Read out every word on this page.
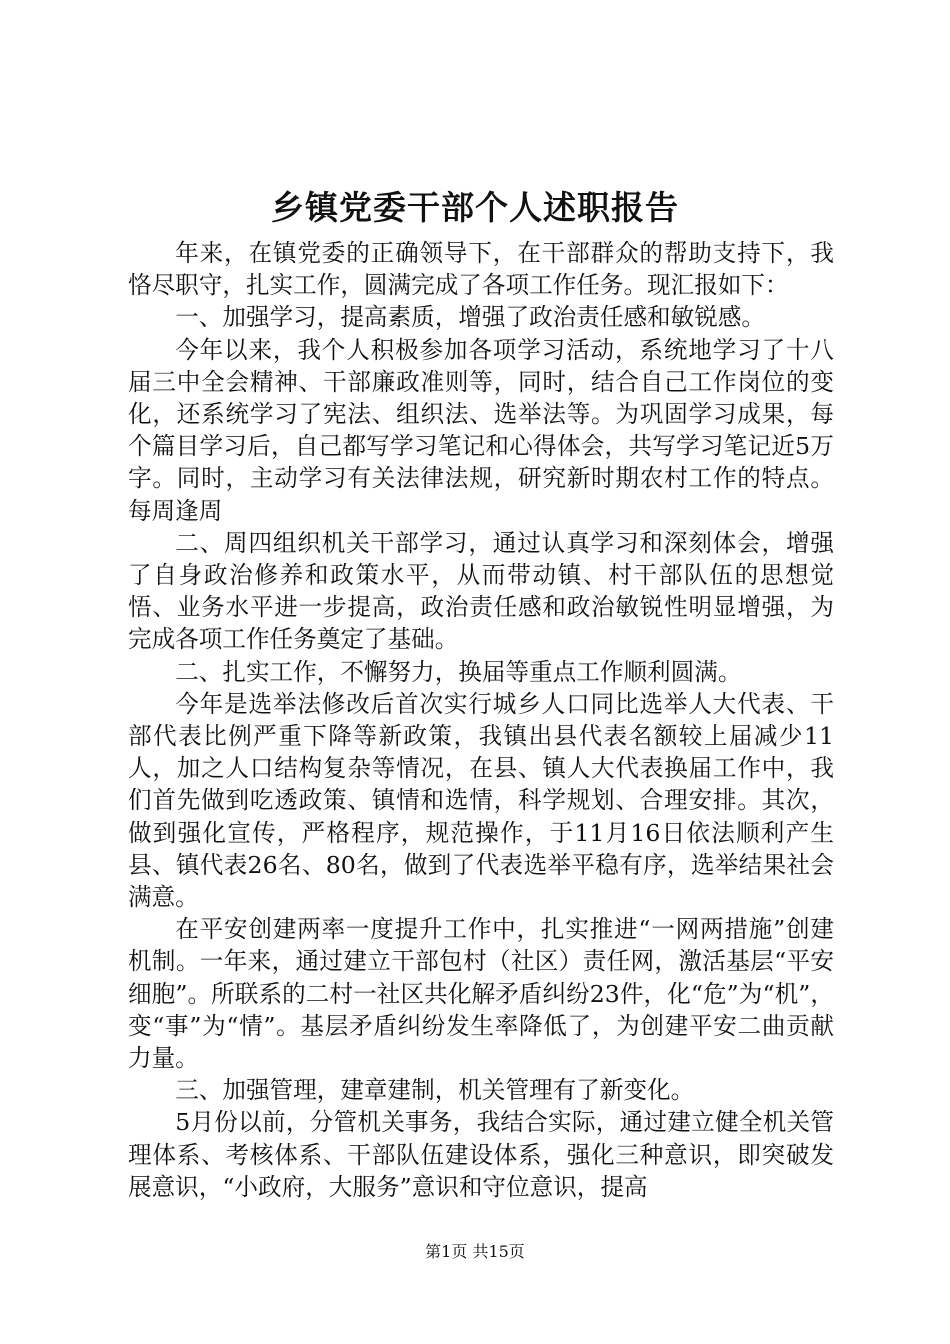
乡镇党委干部个人述职报告

年来，在镇党委的正确领导下，在干部群众的帮助支持下，我恪尽职守，扎实工作，圆满完成了各项工作任务。现汇报如下：

一、加强学习，提高素质，增强了政治责任感和敏锐感。

今年以来，我个人积极参加各项学习活动，系统地学习了十八届三中全会精神、干部廉政准则等，同时，结合自己工作岗位的变化，还系统学习了宪法、组织法、选举法等。为巩固学习成果，每个篇目学习后，自己都写学习笔记和心得体会，共写学习笔记近5万字。同时，主动学习有关法律法规，研究新时期农村工作的特点。每周逢周

二、周四组织机关干部学习，通过认真学习和深刻体会，增强了自身政治修养和政策水平，从而带动镇、村干部队伍的思想觉悟、业务水平进一步提高，政治责任感和政治敏锐性明显增强，为完成各项工作任务奠定了基础。

二、扎实工作，不懈努力，换届等重点工作顺利圆满。

今年是选举法修改后首次实行城乡人口同比选举人大代表、干部代表比例严重下降等新政策，我镇出县代表名额较上届减少11人，加之人口结构复杂等情况，在县、镇人大代表换届工作中，我们首先做到吃透政策、镇情和选情，科学规划、合理安排。其次，做到强化宣传，严格程序，规范操作，于11月16日依法顺利产生县、镇代表26名、80名，做到了代表选举平稳有序，选举结果社会满意。

在平安创建两率一度提升工作中，扎实推进“一网两措施”创建机制。一年来，通过建立干部包村（社区）责任网，激活基层“平安细胞”。所联系的二村一社区共化解矛盾纠纷23件，化“危”为“机”，变“事”为“情”。基层矛盾纠纷发生率降低了，为创建平安二曲贡献力量。

三、加强管理，建章建制，机关管理有了新变化。

5月份以前，分管机关事务，我结合实际，通过建立健全机关管理体系、考核体系、干部队伍建设体系，强化三种意识，即突破发展意识，“小政府，大服务”意识和守位意识，提高

第1页 共15页
